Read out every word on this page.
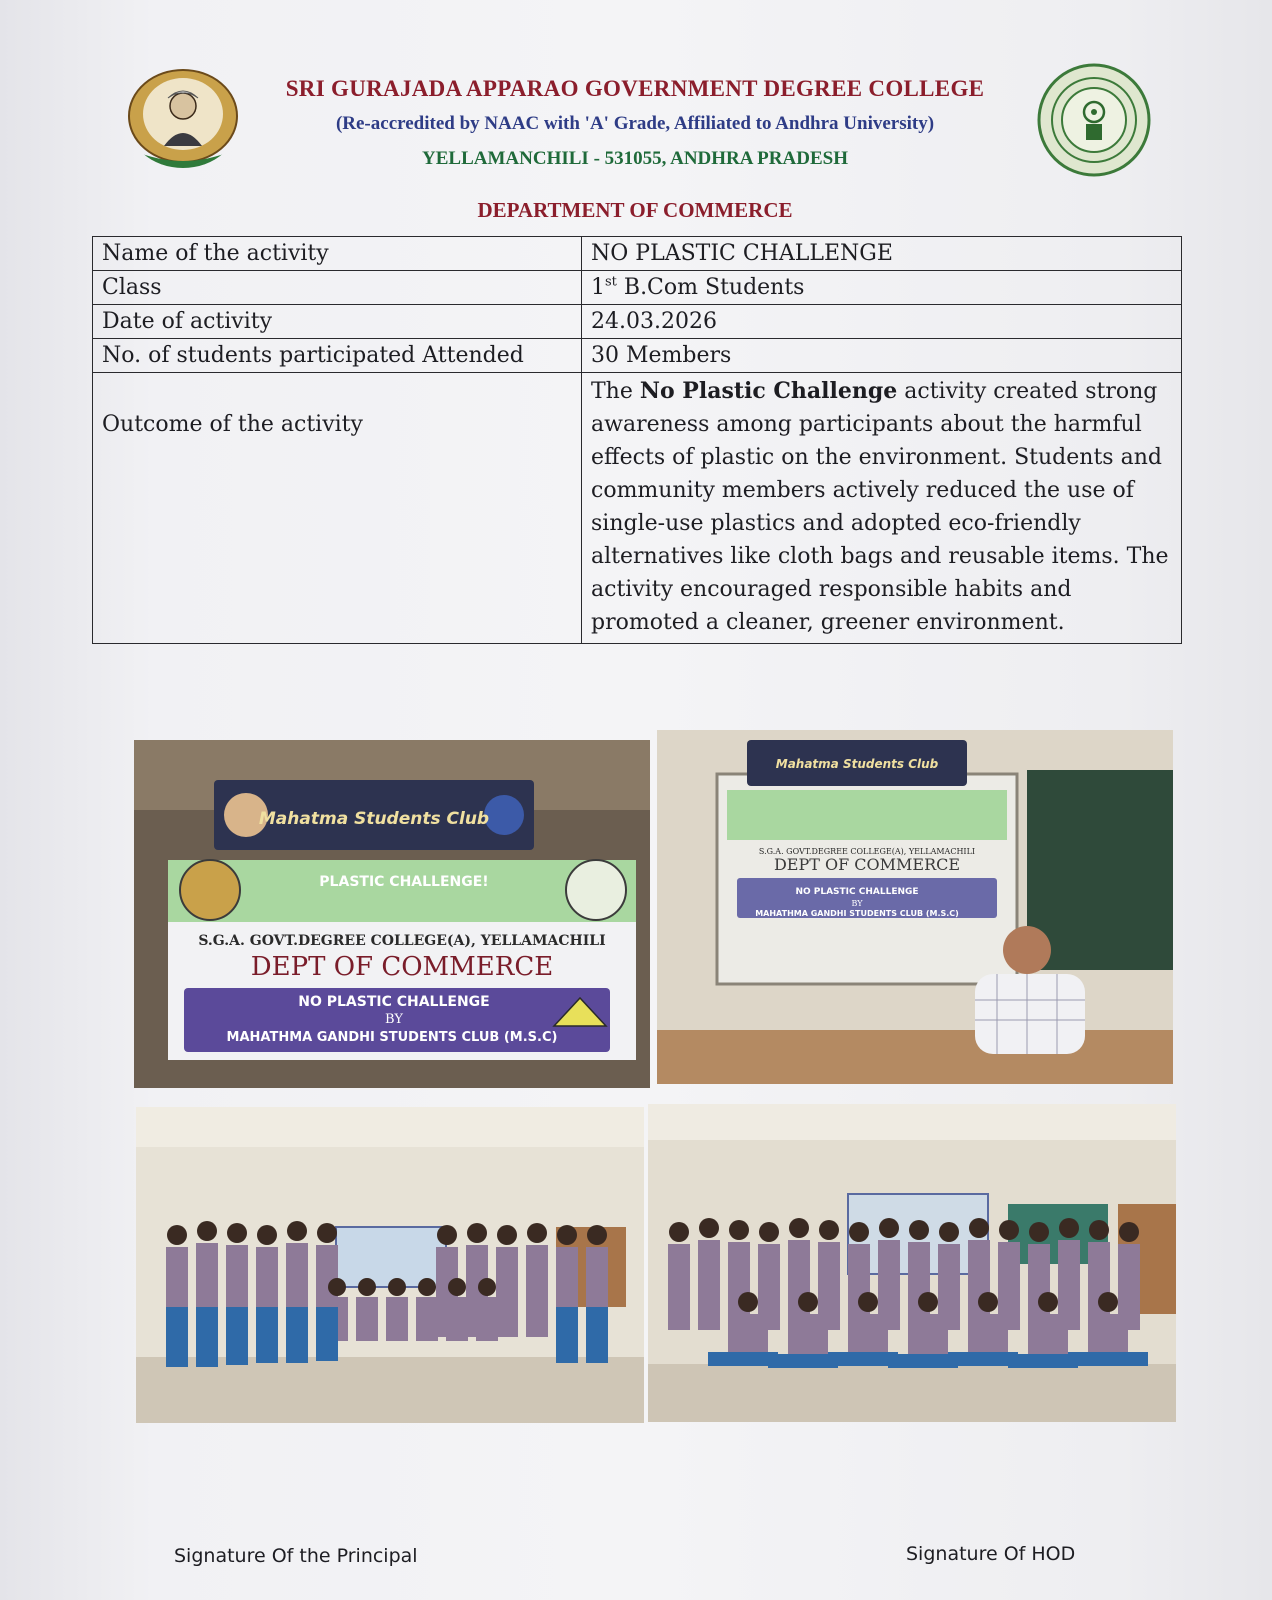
SRI GURAJADA APPARAO GOVERNMENT DEGREE COLLEGE
(Re-accredited by NAAC with 'A' Grade, Affiliated to Andhra University)
YELLAMANCHILI - 531055, ANDHRA PRADESH
DEPARTMENT OF COMMERCE
Name of the activity	NO PLASTIC CHALLENGE
Class	1st B.Com Students
Date of activity	24.03.2026
No. of students participated Attended	30 Members
Outcome of the activity	The No Plastic Challenge activity created strong awareness among participants about the harmful effects of plastic on the environment. Students and community members actively reduced the use of single-use plastics and adopted eco-friendly alternatives like cloth bags and reusable items. The activity encouraged responsible habits and promoted a cleaner, greener environment.
Mahatma Students Club
PLASTIC CHALLENGE!
S.G.A. GOVT.DEGREE COLLEGE(A), YELLAMACHILI
DEPT OF COMMERCE
NO PLASTIC CHALLENGE
BY
MAHATHMA GANDHI STUDENTS CLUB (M.S.C)
Mahatma Students Club
S.G.A. GOVT.DEGREE COLLEGE(A), YELLAMACHILI
DEPT OF COMMERCE
NO PLASTIC CHALLENGE
BY
MAHATHMA GANDHI STUDENTS CLUB (M.S.C)
Signature Of the Principal	Signature Of HOD
